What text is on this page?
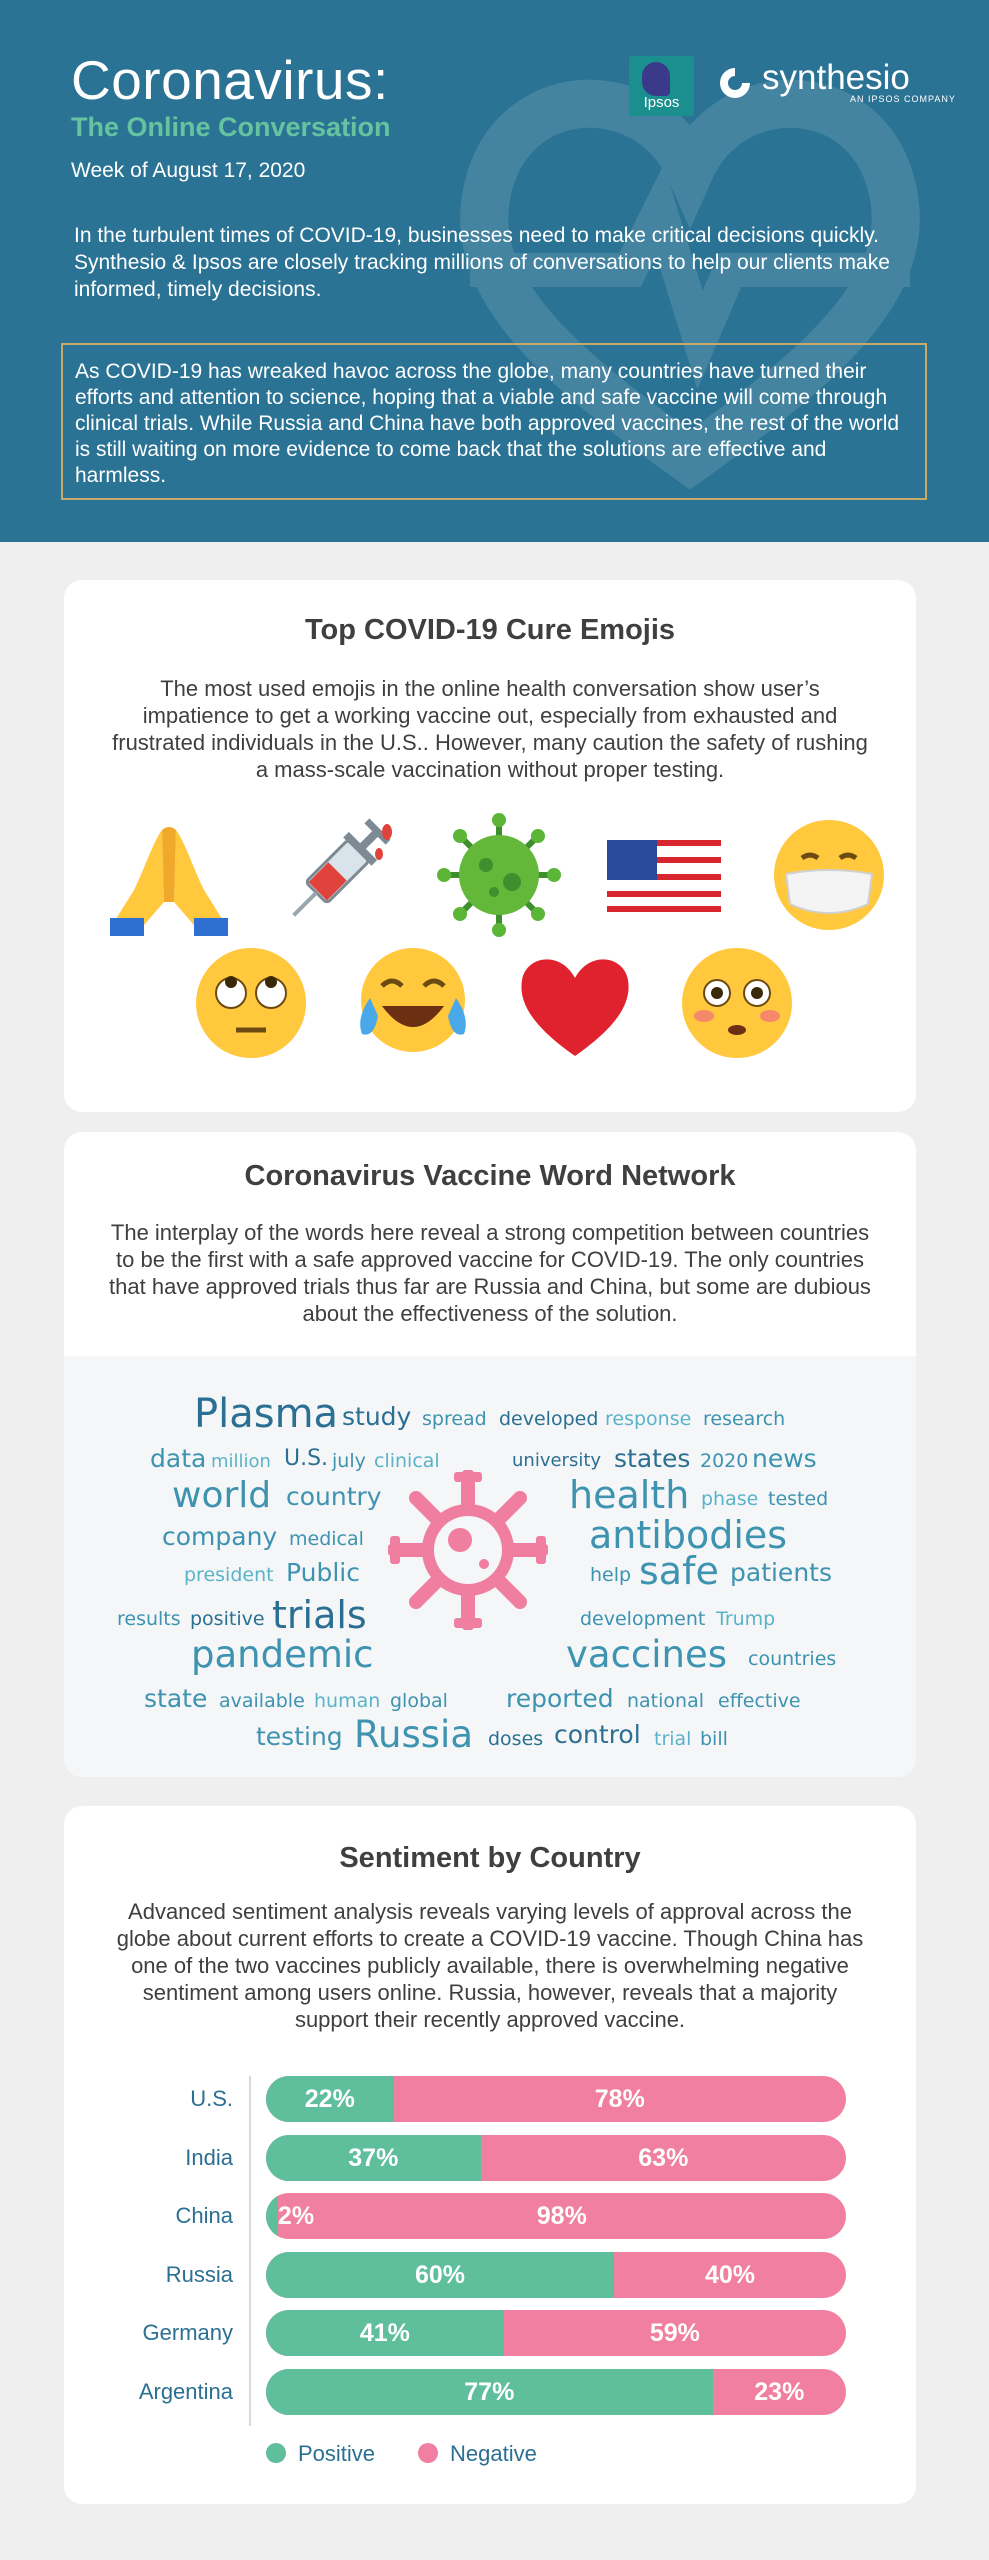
Coronavirus:
The Online Conversation
Week of August 17, 2020
In the turbulent times of COVID-19, businesses need to make critical decisions quickly. Synthesio & Ipsos are closely tracking millions of conversations to help our clients make informed, timely decisions.
As COVID-19 has wreaked havoc across the globe, many countries have turned their efforts and attention to science, hoping that a viable and safe vaccine will come through clinical trials. While Russia and China have both approved vaccines, the rest of the world is still waiting on more evidence to come back that the solutions are effective and harmless.
Ipsos
synthesio
AN IPSOS COMPANY
Top COVID-19 Cure Emojis
The most used emojis in the online health conversation show user’s impatience to get a working vaccine out, especially from exhausted and frustrated individuals in the U.S.. However, many caution the safety of rushing a mass-scale vaccination without proper testing.
Coronavirus Vaccine Word Network
The interplay of the words here reveal a strong competition between countries to be the first with a safe approved vaccine for COVID-19. The only countries that have approved trials thus far are Russia and China, but some are dubious about the effectiveness of the solution.
Plasma study spread developed response research
data million U.S. july clinical	university states 2020 news
world country	health phase tested
company medical	antibodies
president Public	help safe patients
results positive trials	development Trump
pandemic	vaccines countries
state available human global reported national effective
testing Russia doses control trial bill
Sentiment by Country
Advanced sentiment analysis reveals varying levels of approval across the globe about current efforts to create a COVID-19 vaccine. Though China has one of the two vaccines publicly available, there is overwhelming negative sentiment among users online. Russia, however, reveals that a majority support their recently approved vaccine.
U.S.	22%	78%
India	37%	63%
China 2%	98%
Russia	60%	40%
Germany	41%	59%
Argentina	77%	23%
Positive	Negative
